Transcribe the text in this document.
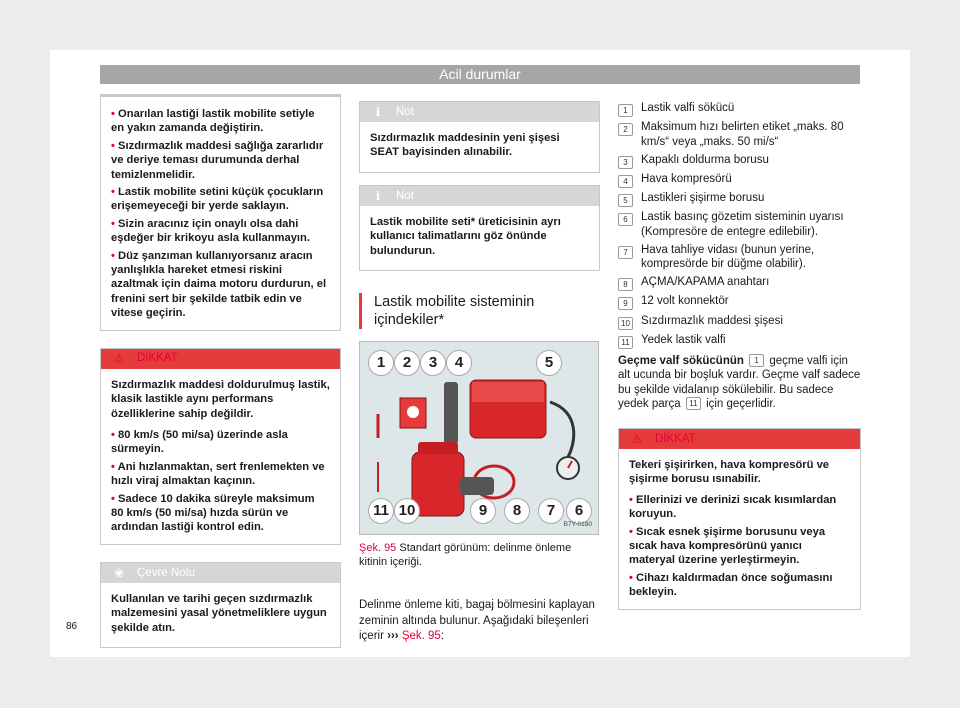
Acil durumlar
• Onarılan lastiği lastik mobilite setiyle en yakın zamanda değiştirin.
• Sızdırmazlık maddesi sağlığa zararlıdır ve deriye teması durumunda derhal temizlenmelidir.
• Lastik mobilite setini küçük çocukların erişemeyeceği bir yerde saklayın.
• Sizin aracınız için onaylı olsa dahi eşdeğer bir krikoyu asla kullanmayın.
• Düz şanzıman kullanıyorsanız aracın yanlışlıkla hareket etmesi riskini azaltmak için daima motoru durdurun, el frenini sert bir şekilde tatbik edin ve vitese geçirin.
⚠ DİKKAT

Sızdırmazlık maddesi doldurulmuş lastik, klasik lastikle aynı performans özelliklerine sahip değildir.

• 80 km/s (50 mi/sa) üzerinde asla sürmeyin.
• Ani hızlanmaktan, sert frenlemekten ve hızlı viraj almaktan kaçının.
• Sadece 10 dakika süreyle maksimum 80 km/s (50 mi/sa) hızda sürün ve ardından lastiği kontrol edin.
❀ Çevre Notu

Kullanılan ve tarihi geçen sızdırmazlık malzemesini yasal yönetmeliklere uygun şekilde atın.

ℹ	Not

Sızdırmazlık maddesinin yeni şişesi SEAT bayisinden alınabilir.

ℹ	Not

Lastik mobilite seti* üreticisinin ayrı kullanıcı talimatlarını göz önünde bulundurun.

Lastik mobilite sisteminin içindekiler*
1	2	3	4	5
11 10	9	8	7	6
B7Y-0180
Şek. 95 Standart görünüm: delinme önleme kitinin içeriği.
Delinme önleme kiti, bagaj bölmesini kaplayan zeminin altında bulunur. Aşağıdaki bileşenleri içerir ››› Şek. 95:
1	Lastik valfi sökücü
2	Maksimum hızı belirten etiket „maks. 80 km/s“ veya „maks. 50 mi/s“
3	Kapaklı doldurma borusu
4	Hava kompresörü
5	Lastikleri şişirme borusu
6	Lastik basınç gözetim sisteminin uyarısı (Kompresöre de entegre edilebilir).
7	Hava tahliye vidası (bunun yerine, kompresörde bir düğme olabilir).
8	AÇMA/KAPAMA anahtarı
9	12 volt konnektör
10 Sızdırmazlık maddesi şişesi
11 Yedek lastik valfi
Geçme valf sökücünün 1 geçme valfi için alt ucunda bir boşluk vardır. Geçme valf sadece bu şekilde vidalanıp sökülebilir. Bu sadece yedek parça 11 için geçerlidir.
⚠ DİKKAT

Tekeri şişirirken, hava kompresörü ve şişirme borusu ısınabilir.

• Ellerinizi ve derinizi sıcak kısımlardan koruyun.
• Sıcak esnek şişirme borusunu veya sıcak hava kompresörünü yanıcı materyal üzerine yerleştirmeyin.
• Cihazı kaldırmadan önce soğumasını bekleyin.
86
